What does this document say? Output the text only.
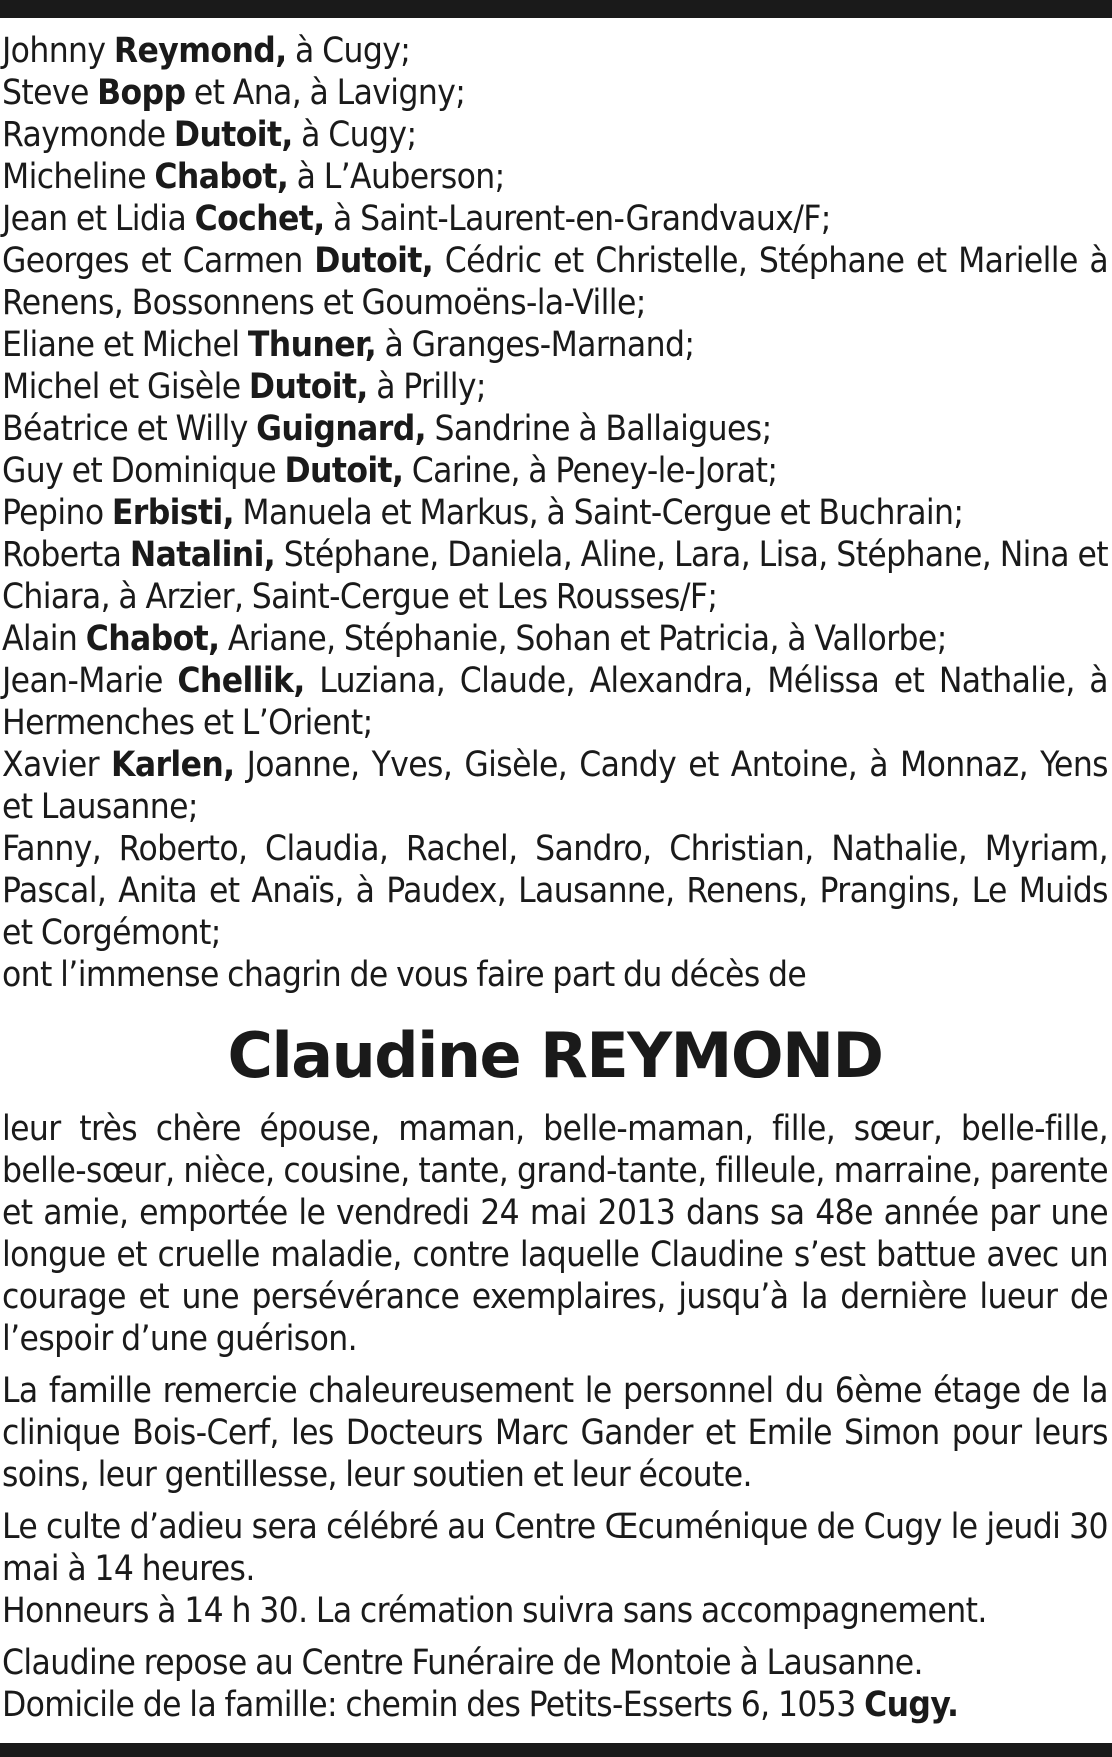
Johnny Reymond, à Cugy;

Steve Bopp et Ana, à Lavigny;

Raymonde Dutoit, à Cugy;

Micheline Chabot, à L’Auberson;

Jean et Lidia Cochet, à Saint-Laurent-en-Grandvaux/F;

Georges et Carmen Dutoit, Cédric et Christelle, Stéphane et Marielle à Renens, Bossonnens et Goumoëns-la-Ville;

Eliane et Michel Thuner, à Granges-Marnand;

Michel et Gisèle Dutoit, à Prilly;

Béatrice et Willy Guignard, Sandrine à Ballaigues;

Guy et Dominique Dutoit, Carine, à Peney-le-Jorat;

Pepino Erbisti, Manuela et Markus, à Saint-Cergue et Buchrain;

Roberta Natalini, Stéphane, Daniela, Aline, Lara, Lisa, Stéphane, Nina et Chiara, à Arzier, Saint-Cergue et Les Rousses/F;

Alain Chabot, Ariane, Stéphanie, Sohan et Patricia, à Vallorbe;

Jean-Marie Chellik, Luziana, Claude, Alexandra, Mélissa et Nathalie, à Hermenches et L’Orient;

Xavier Karlen, Joanne, Yves, Gisèle, Candy et Antoine, à Monnaz, Yens et Lausanne;

Fanny, Roberto, Claudia, Rachel, Sandro, Christian, Nathalie, Myriam, Pascal, Anita et Anaïs, à Paudex, Lausanne, Renens, Prangins, Le Muids et Corgémont;

ont l’immense chagrin de vous faire part du décès de

Claudine REYMOND

leur très chère épouse, maman, belle-maman, fille, sœur, belle-fille, belle-sœur, nièce, cousine, tante, grand-tante, filleule, marraine, parente et amie, emportée le vendredi 24 mai 2013 dans sa 48e année par une longue et cruelle maladie, contre laquelle Claudine s’est battue avec un courage et une persévérance exemplaires, jusqu’à la dernière lueur de l’espoir d’une guérison.

La famille remercie chaleureusement le personnel du 6ème étage de la clinique Bois-Cerf, les Docteurs Marc Gander et Emile Simon pour leurs soins, leur gentillesse, leur soutien et leur écoute.

Le culte d’adieu sera célébré au Centre Œcuménique de Cugy le jeudi 30 mai à 14 heures.

Honneurs à 14 h 30. La crémation suivra sans accompagnement.

Claudine repose au Centre Funéraire de Montoie à Lausanne.

Domicile de la famille: chemin des Petits-Esserts 6, 1053 Cugy.
